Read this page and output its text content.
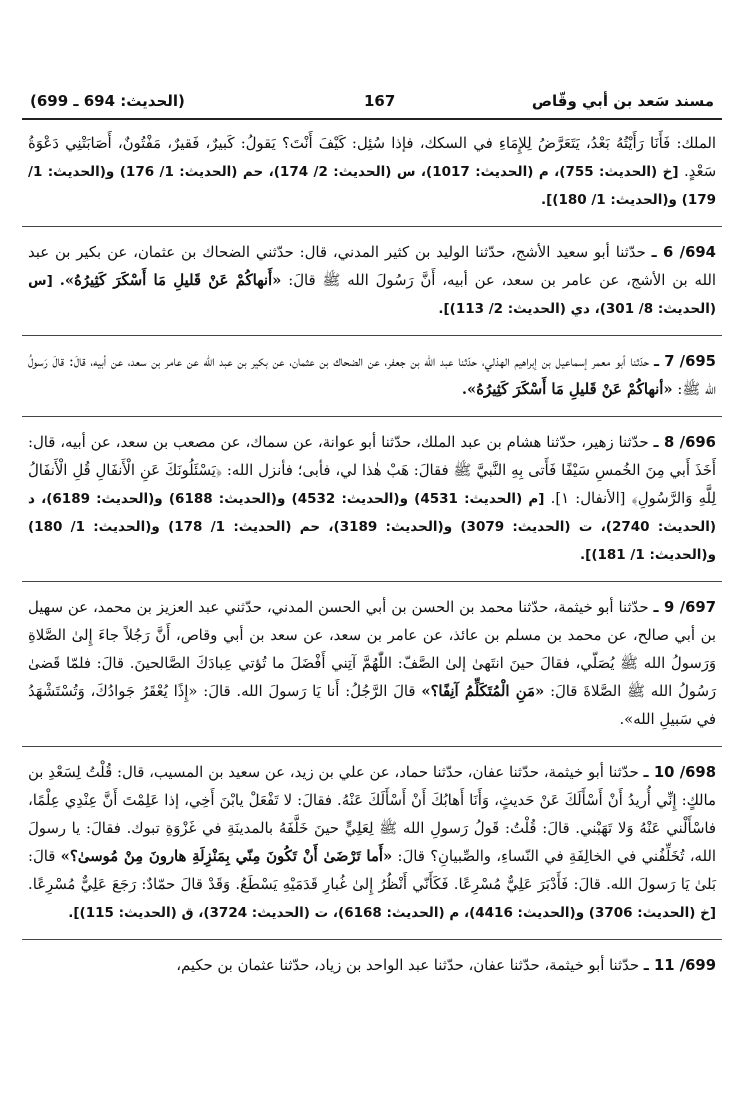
مسند سَعد بن أبي وقّاص
167
(الحديث: 694 ـ 699)

الملك: فَأَنَا رَأَيْتُهُ بَعْدُ، يَتَعَرَّضُ لِلإِمَاءِ في السكك، فإذا سُئِل: كَيْفَ أَنْتَ؟ يَقولُ: كَبيرٌ، فَقيرٌ، مَفْتُونٌ، أَصَابَتْنِي دَعْوَةُ سَعْدٍ. [خ (الحديث: 755)، م (الحديث: 1017)، س (الحديث: 2/ 174)، حم (الحديث: 1/ 176) و(الحديث: 1/ 179) و(الحديث: 1/ 180)].

694/ 6 ـ حدّثنا أبو سعيد الأشج، حدّثنا الوليد بن كثير المدني، قال: حدّثني الضحاك بن عثمان، عن بكير بن عبد الله بن الأشج، عن عامر بن سعد، عن أبيه، أَنَّ رَسُولَ الله ﷺ قالَ: «أَنهاكُمْ عَنْ قَليلِ مَا أَسْكَرَ كَثِيرُهُ». [س (الحديث: 8/ 301)، دي (الحديث: 2/ 113)].

695/ 7 ـ حدّثنا أبو معمر إسماعيل بن إبراهيم الهذلي، حدّثنا عبد الله بن جعفر، عن الضحاك بن عثمان، عن بكير بن عبد الله عن عامر بن سعد، عن أبيه، قالَ: قالَ رَسولُ الله ﷺ: «أنهاكُمْ عَنْ قَليلِ مَا أَسْكَرَ كَثِيرُهُ».

696/ 8 ـ حدّثنا زهير، حدّثنا هشام بن عبد الملك، حدّثنا أبو عوانة، عن سماك، عن مصعب بن سعد، عن أبيه، قال: أَخَذَ أَبي مِنَ الخُمسِ سَيْفًا فَأَتى بِهِ النَّبيَّ ﷺ فقالَ: هَبْ هٰذا لي، فأبى؛ فأنزل الله: ﴿يَسْئَلُونَكَ عَنِ الْأَنفَالِ قُلِ الْأَنفَالُ لِلَّهِ وَالرَّسُولِ﴾ [الأنفال: ١]. [م (الحديث: 4531) و(الحديث: 4532) و(الحديث: 6188) و(الحديث: 6189)، د (الحديث: 2740)، ت (الحديث: 3079) و(الحديث: 3189)، حم (الحديث: 1/ 178) و(الحديث: 1/ 180) و(الحديث: 1/ 181)].

697/ 9 ـ حدّثنا أبو خيثمة، حدّثنا محمد بن الحسن بن أبي الحسن المدني، حدّثني عبد العزيز بن محمد، عن سهيل بن أبي صالح، عن محمد بن مسلم بن عائذ، عن عامر بن سعد، عن سعد بن أبي وقاص، أَنَّ رَجُلاً جاءَ إِلىٰ الصَّلاةِ وَرَسولُ الله ﷺ يُصَلّي، فقالَ حينَ انتَهىٰ إلىٰ الصَّفّ: اللّٰهُمَّ آتِني أَفْضَلَ ما تُؤتي عِبادَكَ الصَّالحينَ. قالَ: فلمّا قَضىٰ رَسُولُ الله ﷺ الصَّلاةَ قالَ: «مَنِ الْمُتَكَلِّمُ آنِفًا؟» قالَ الرَّجُلُ: أَنا يَا رَسولَ الله. قالَ: «إِذًا يُعْقَرُ جَوادُكَ، وَتُسْتَشْهَدُ في سَبيلِ الله».

698/ 10 ـ حدّثنا أبو خيثمة، حدّثنا عفان، حدّثنا حماد، عن علي بن زيد، عن سعيد بن المسيب، قال: قُلْتُ لِسَعْدِ بن مالكٍ: إِنِّي أُريدُ أَنْ أَسْأَلَكَ عَنْ حَديثٍ، وَأَنَا أَهابُكَ أَنْ أَسْأَلَكَ عَنْهُ. فقالَ: لا تَفْعَلْ يابْنَ أَخِي، إذا عَلِمْتَ أَنَّ عِنْدِي عِلْمًا، فاسْأَلْني عَنْهُ وَلا تَهَبْني. قالَ: قُلْتُ: قَولُ رَسولِ الله ﷺ لِعَلِيٍّ حينَ خَلَّفَهُ بالمدينَةِ في غَزْوَةِ تبوك. فقالَ: يا رسولَ الله، تُخَلِّفُني في الخالِفَةِ في النّساءِ، والصِّبيانِ؟ قالَ: «أَما تَرْضَىٰ أَنْ تَكُونَ مِنّي بِمَنْزِلَةِ هارونَ مِنْ مُوسىٰ؟» قالَ: بَلىٰ يَا رَسولَ الله. قالَ: فَأَدْبَرَ عَلِيٌّ مُسْرِعًا. فَكَأَنّي أَنْظُرُ إِلىٰ غُبارِ قَدَمَيْهِ يَسْطَعُ. وَقَدْ قالَ حمّادٌ: رَجَعَ عَلِيٌّ مُسْرِعًا. [خ (الحديث: 3706) و(الحديث: 4416)، م (الحديث: 6168)، ت (الحديث: 3724)، ق (الحديث: 115)].

699/ 11 ـ حدّثنا أبو خيثمة، حدّثنا عفان، حدّثنا عبد الواحد بن زياد، حدّثنا عثمان بن حكيم،
